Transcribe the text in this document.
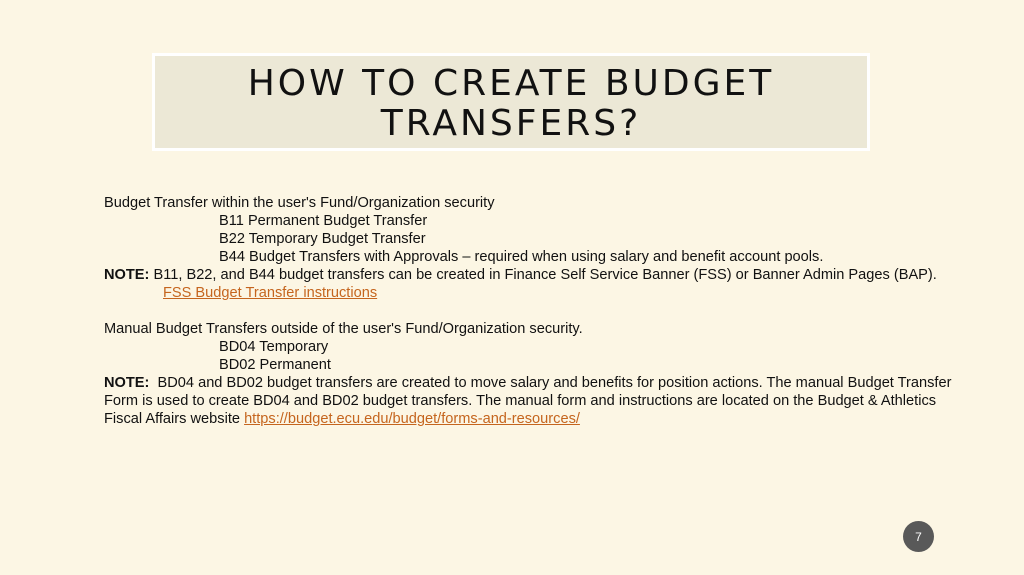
HOW TO CREATE BUDGET TRANSFERS?
Budget Transfer within the user's Fund/Organization security
B11 Permanent Budget Transfer
B22 Temporary Budget Transfer
B44 Budget Transfers with Approvals – required when using salary and benefit account pools.
NOTE: B11, B22, and B44 budget transfers can be created in Finance Self Service Banner (FSS) or Banner Admin Pages (BAP).
FSS Budget Transfer instructions
Manual Budget Transfers outside of the user's Fund/Organization security.
BD04 Temporary
BD02 Permanent
NOTE: BD04 and BD02 budget transfers are created to move salary and benefits for position actions. The manual Budget Transfer Form is used to create BD04 and BD02 budget transfers. The manual form and instructions are located on the Budget & Athletics Fiscal Affairs website https://budget.ecu.edu/budget/forms-and-resources/
7
